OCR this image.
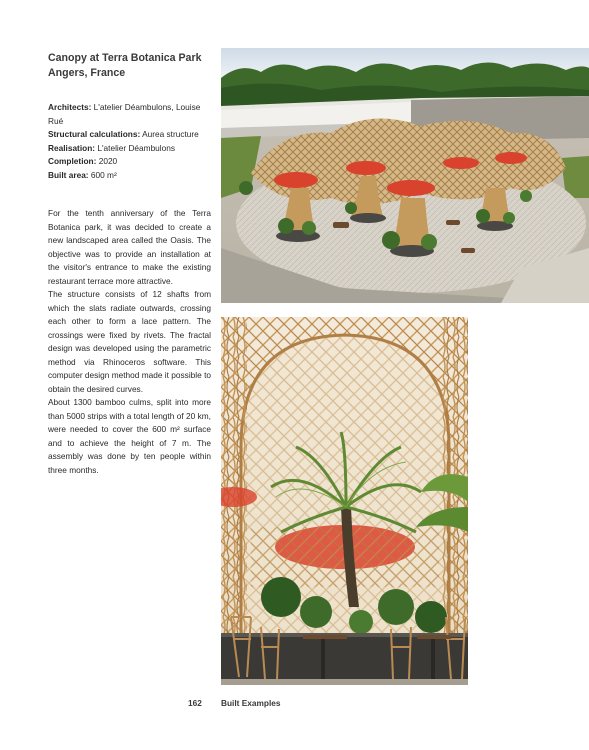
Canopy at Terra Botanica Park
Angers, France
Architects: L'atelier Déambulons, Louise Rué
Structural calculations: Aurea structure
Realisation: L'atelier Déambulons
Completion: 2020
Built area: 600 m²

For the tenth anniversary of the Terra Botanica park, it was decided to create a new landscaped area called the Oasis. The objective was to provide an installation at the visitor's entrance to make the existing restaurant terrace more attractive.

The structure consists of 12 shafts from which the slats radiate outwards, crossing each other to form a lace pattern. The crossings were fixed by rivets. The fractal design was developed using the parametric method via Rhinoceros software. This computer design method made it possible to obtain the desired curves.

About 1300 bamboo culms, split into more than 5000 strips with a total length of 20 km, were needed to cover the 600 m² surface and to achieve the height of 7 m. The assembly was done by ten people within three months.

162 Built Examples
